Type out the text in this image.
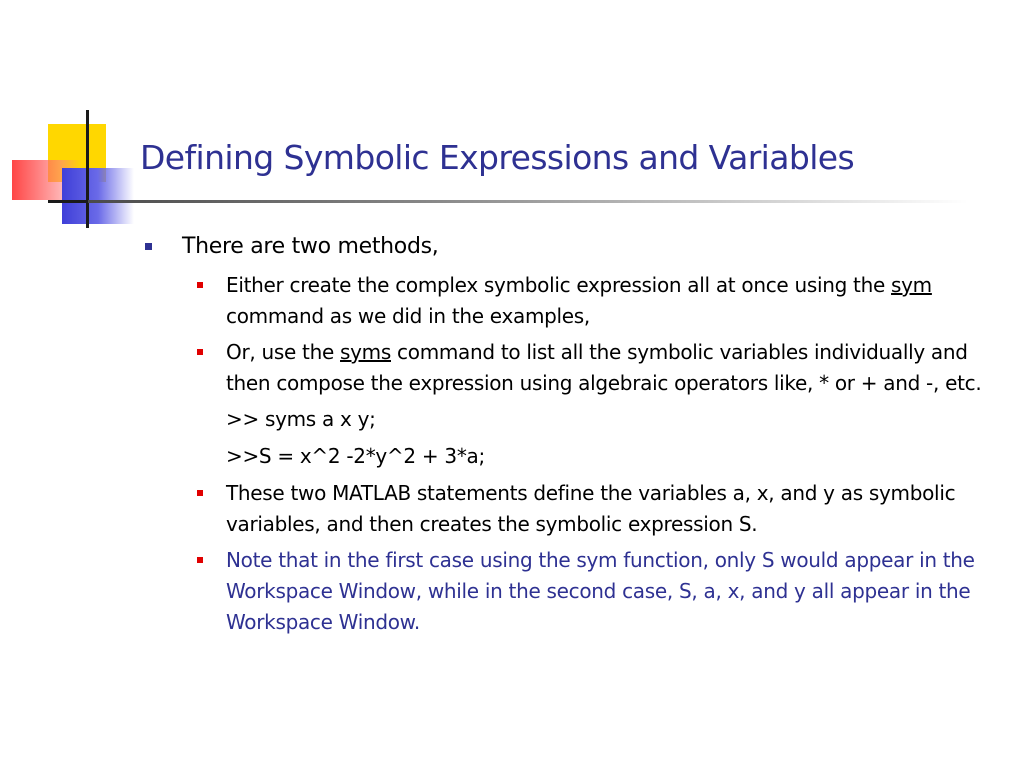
Defining Symbolic Expressions and Variables

There are two methods,

Either create the complex symbolic expression all at once using the sym command as we did in the examples,

Or, use the syms command to list all the symbolic variables individually and then compose the expression using algebraic operators like, * or + and -, etc.

>> syms a x y;

>>S = x^2 -2*y^2 + 3*a;

These two MATLAB statements define the variables a, x, and y as symbolic variables, and then creates the symbolic expression S.

Note that in the first case using the sym function, only S would appear in the Workspace Window, while in the second case, S, a, x, and y all appear in the Workspace Window.
